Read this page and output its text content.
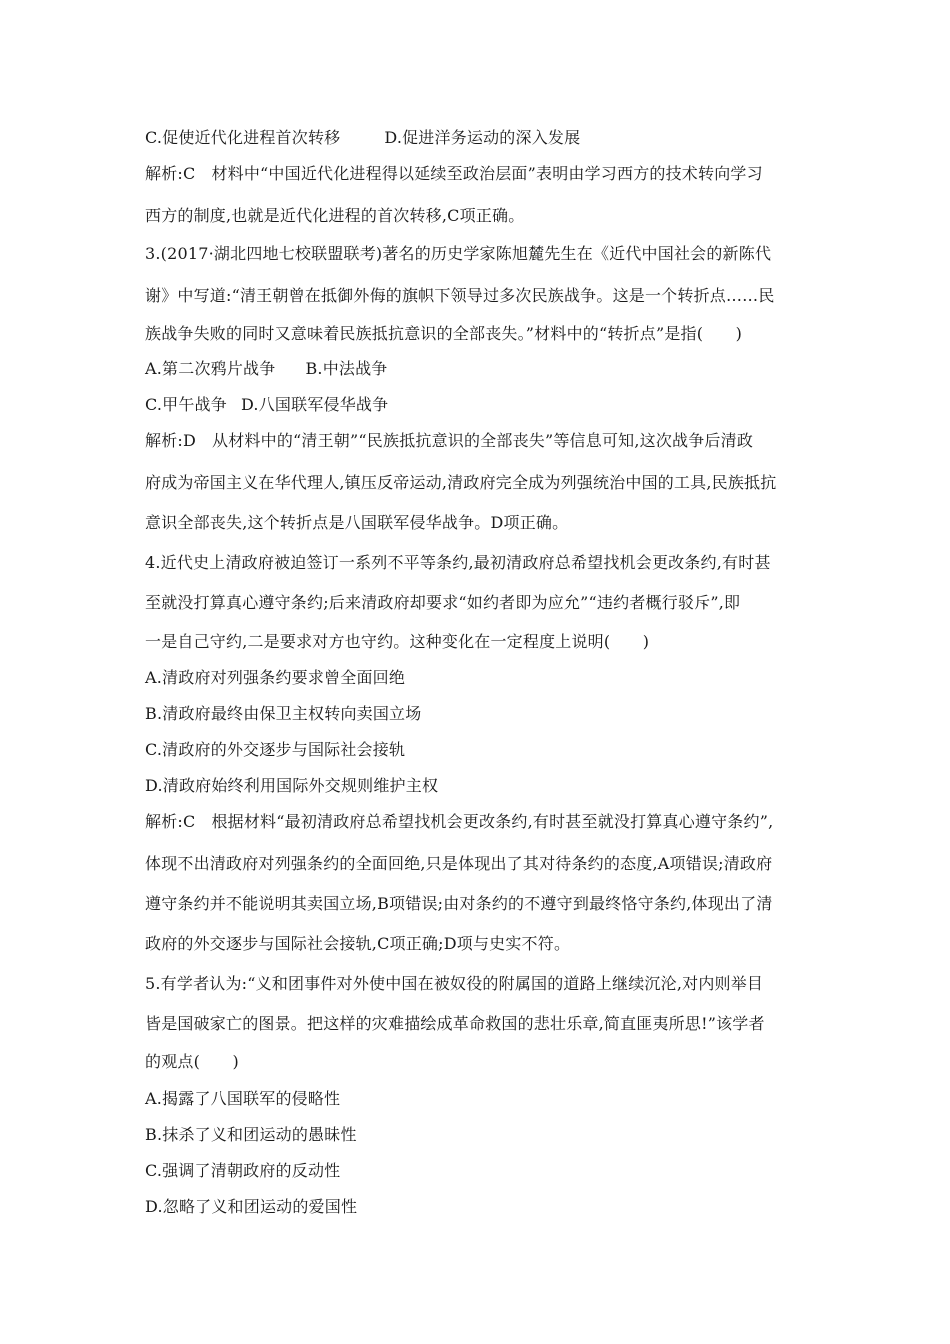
C.促使近代化进程首次转移	D.促进洋务运动的深入发展
解析:C 材料中“中国近代化进程得以延续至政治层面”表明由学习西方的技术转向学习
西方的制度,也就是近代化进程的首次转移,C项正确。
3.(2017·湖北四地七校联盟联考)著名的历史学家陈旭麓先生在《近代中国社会的新陈代
谢》中写道:“清王朝曾在抵御外侮的旗帜下领导过多次民族战争。这是一个转折点……民
族战争失败的同时又意味着民族抵抗意识的全部丧失。”材料中的“转折点”是指(　　)
A.第二次鸦片战争 B.中法战争
C.甲午战争 D.八国联军侵华战争
解析:D 从材料中的“清王朝”“民族抵抗意识的全部丧失”等信息可知,这次战争后清政
府成为帝国主义在华代理人,镇压反帝运动,清政府完全成为列强统治中国的工具,民族抵抗
意识全部丧失,这个转折点是八国联军侵华战争。D项正确。
4.近代史上清政府被迫签订一系列不平等条约,最初清政府总希望找机会更改条约,有时甚
至就没打算真心遵守条约;后来清政府却要求“如约者即为应允”“违约者概行驳斥”,即
一是自己守约,二是要求对方也守约。这种变化在一定程度上说明(　　)
A.清政府对列强条约要求曾全面回绝
B.清政府最终由保卫主权转向卖国立场
C.清政府的外交逐步与国际社会接轨
D.清政府始终利用国际外交规则维护主权
解析:C 根据材料“最初清政府总希望找机会更改条约,有时甚至就没打算真心遵守条约”,
体现不出清政府对列强条约的全面回绝,只是体现出了其对待条约的态度,A项错误;清政府
遵守条约并不能说明其卖国立场,B项错误;由对条约的不遵守到最终恪守条约,体现出了清
政府的外交逐步与国际社会接轨,C项正确;D项与史实不符。
5.有学者认为:“义和团事件对外使中国在被奴役的附属国的道路上继续沉沦,对内则举目
皆是国破家亡的图景。把这样的灾难描绘成革命救国的悲壮乐章,简直匪夷所思!”该学者
的观点(　　)
A.揭露了八国联军的侵略性
B.抹杀了义和团运动的愚昧性
C.强调了清朝政府的反动性
D.忽略了义和团运动的爱国性
